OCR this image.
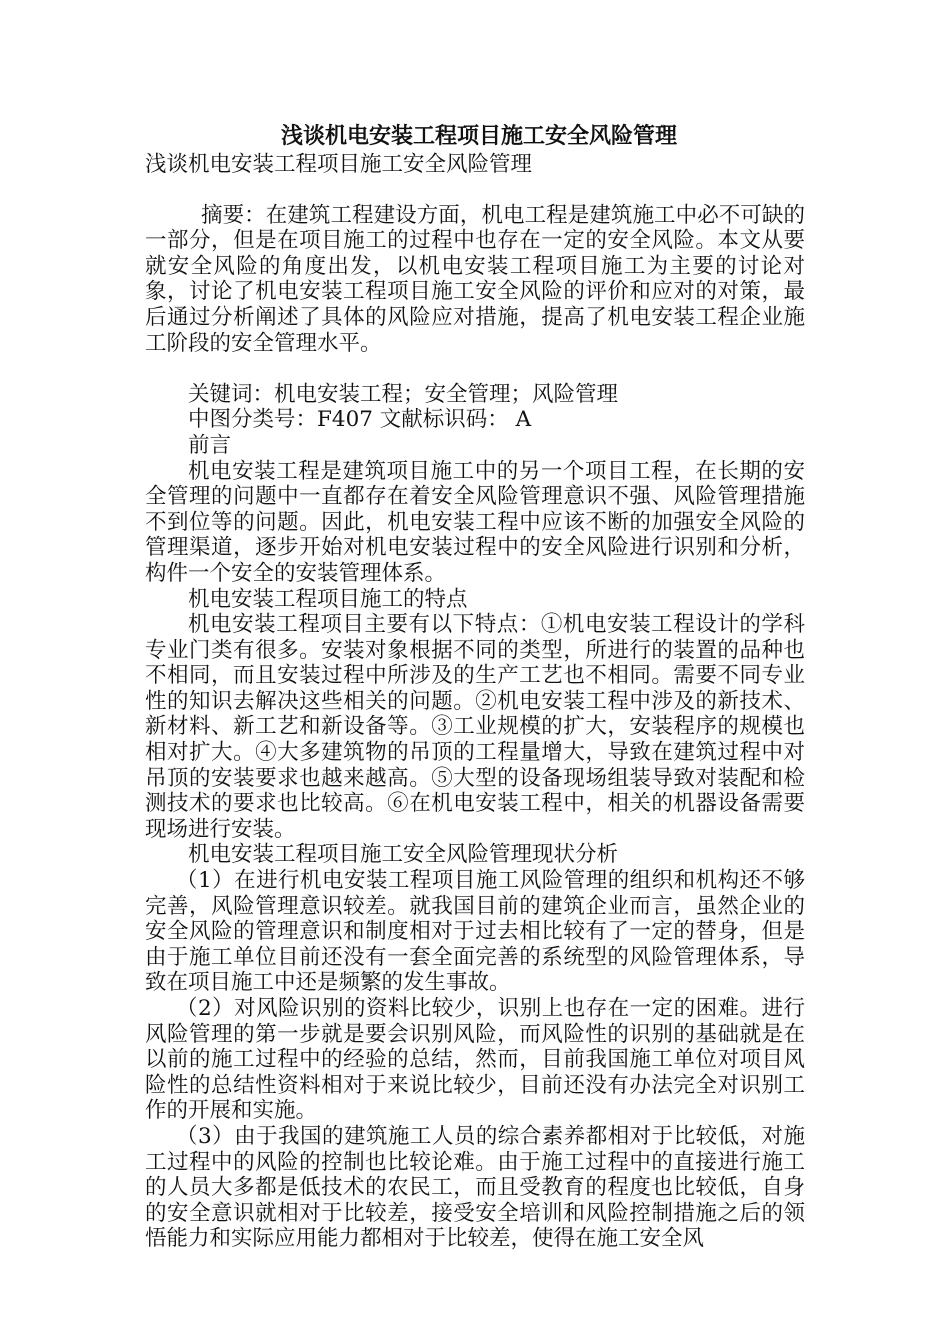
浅谈机电安装工程项目施工安全风险管理

浅谈机电安装工程项目施工安全风险管理

摘要：在建筑工程建设方面，机电工程是建筑施工中必不可缺的一部分，但是在项目施工的过程中也存在一定的安全风险。本文从要就安全风险的角度出发，以机电安装工程项目施工为主要的讨论对象，讨论了机电安装工程项目施工安全风险的评价和应对的对策，最后通过分析阐述了具体的风险应对措施，提高了机电安装工程企业施工阶段的安全管理水平。

关键词：机电安装工程；安全管理；风险管理

中图分类号：F407 文献标识码： A

前言

机电安装工程是建筑项目施工中的另一个项目工程，在长期的安全管理的问题中一直都存在着安全风险管理意识不强、风险管理措施不到位等的问题。因此，机电安装工程中应该不断的加强安全风险的管理渠道，逐步开始对机电安装过程中的安全风险进行识别和分析，构件一个安全的安装管理体系。

机电安装工程项目施工的特点

机电安装工程项目主要有以下特点：①机电安装工程设计的学科专业门类有很多。安装对象根据不同的类型，所进行的装置的品种也不相同，而且安装过程中所涉及的生产工艺也不相同。需要不同专业性的知识去解决这些相关的问题。②机电安装工程中涉及的新技术、新材料、新工艺和新设备等。③工业规模的扩大，安装程序的规模也相对扩大。④大多建筑物的吊顶的工程量增大，导致在建筑过程中对吊顶的安装要求也越来越高。⑤大型的设备现场组装导致对装配和检测技术的要求也比较高。⑥在机电安装工程中，相关的机器设备需要现场进行安装。

机电安装工程项目施工安全风险管理现状分析

（1）在进行机电安装工程项目施工风险管理的组织和机构还不够完善，风险管理意识较差。就我国目前的建筑企业而言，虽然企业的安全风险的管理意识和制度相对于过去相比较有了一定的替身，但是由于施工单位目前还没有一套全面完善的系统型的风险管理体系，导致在项目施工中还是频繁的发生事故。

（2）对风险识别的资料比较少，识别上也存在一定的困难。进行风险管理的第一步就是要会识别风险，而风险性的识别的基础就是在以前的施工过程中的经验的总结，然而，目前我国施工单位对项目风险性的总结性资料相对于来说比较少，目前还没有办法完全对识别工作的开展和实施。

（3）由于我国的建筑施工人员的综合素养都相对于比较低，对施工过程中的风险的控制也比较论难。由于施工过程中的直接进行施工的人员大多都是低技术的农民工，而且受教育的程度也比较低，自身的安全意识就相对于比较差，接受安全培训和风险控制措施之后的领悟能力和实际应用能力都相对于比较差，使得在施工安全风
